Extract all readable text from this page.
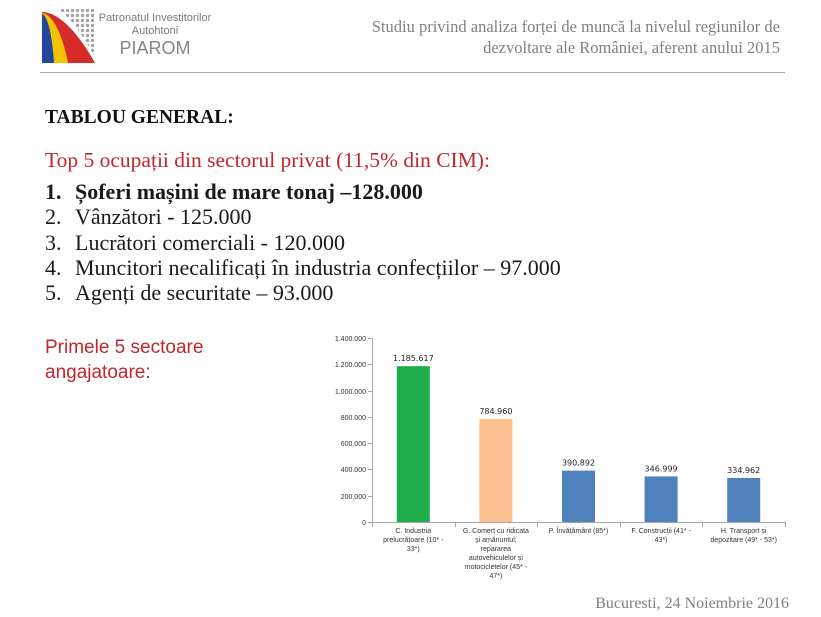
Patronatul Investitorilor
Autohtoni
PIAROM
Studiu privind analiza forței de muncă la nivelul regiunilor de
dezvoltare ale României, aferent anului 2015
TABLOU GENERAL:
Top 5 ocupații din sectorul privat (11,5% din CIM):
1. Șoferi mașini de mare tonaj –128.000
2. Vânzători - 125.000
3. Lucrători comerciali - 120.000
4. Muncitori necalificați în industria confecțiilor – 97.000
5. Agenți de securitate – 93.000
Primele 5 sectoare
angajatoare:
0
200.000
400.000
600.000
800.000
1.000.000
1.200.000
1.400.000
1.185.617
784.960
390.892
346.999	334.962
C. Industria prelucrătoare (10* - 33*)
G. Comerț cu ridicata și amănuntul; repararea autovehiculelor și motocicletelor (45* - 47*)
P. Învățământ (85*)	F. Construcții (41* - 43*)
H. Transport și depozitare (49* - 53*)
Bucuresti, 24 Noiembrie 2016
